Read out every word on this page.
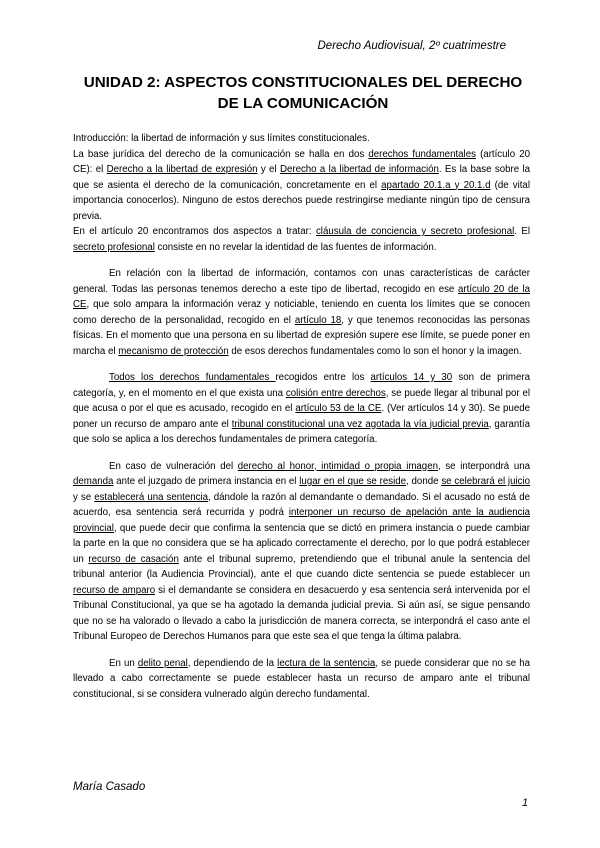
Derecho Audiovisual, 2º cuatrimestre
UNIDAD 2: ASPECTOS CONSTITUCIONALES DEL DERECHO
DE LA COMUNICACIÓN

Introducción: la libertad de información y sus límites constitucionales.

La base jurídica del derecho de la comunicación se halla en dos derechos fundamentales (artículo 20 CE): el Derecho a la libertad de expresión y el Derecho a la libertad de información. Es la base sobre la que se asienta el derecho de la comunicación, concretamente en el apartado 20.1.a y 20.1.d (de vital importancia conocerlos). Ninguno de estos derechos puede restringirse mediante ningún tipo de censura previa.

En el artículo 20 encontramos dos aspectos a tratar: cláusula de conciencia y secreto profesional. El secreto profesional consiste en no revelar la identidad de las fuentes de información.

En relación con la libertad de información, contamos con unas características de carácter general. Todas las personas tenemos derecho a este tipo de libertad, recogido en ese artículo 20 de la CE, que solo ampara la información veraz y noticiable, teniendo en cuenta los límites que se conocen como derecho de la personalidad, recogido en el artículo 18, y que tenemos reconocidas las personas físicas. En el momento que una persona en su libertad de expresión supere ese límite, se puede poner en marcha el mecanismo de protección de esos derechos fundamentales como lo son el honor y la imagen.

Todos los derechos fundamentales recogidos entre los artículos 14 y 30 son de primera categoría, y, en el momento en el que exista una colisión entre derechos, se puede llegar al tribunal por el que acusa o por el que es acusado, recogido en el artículo 53 de la CE. (Ver artículos 14 y 30). Se puede poner un recurso de amparo ante el tribunal constitucional una vez agotada la vía judicial previa, garantía que solo se aplica a los derechos fundamentales de primera categoría.

En caso de vulneración del derecho al honor, intimidad o propia imagen, se interpondrá una demanda ante el juzgado de primera instancia en el lugar en el que se reside, donde se celebrará el juicio y se establecerá una sentencia, dándole la razón al demandante o demandado. Si el acusado no está de acuerdo, esa sentencia será recurrida y podrá interponer un recurso de apelación ante la audiencia provincial, que puede decir que confirma la sentencia que se dictó en primera instancia o puede cambiar la parte en la que no considera que se ha aplicado correctamente el derecho, por lo que podrá establecer un recurso de casación ante el tribunal supremo, pretendiendo que el tribunal anule la sentencia del tribunal anterior (la Audiencia Provincial), ante el que cuando dicte sentencia se puede establecer un recurso de amparo si el demandante se considera en desacuerdo y esa sentencia será intervenida por el Tribunal Constitucional, ya que se ha agotado la demanda judicial previa. Si aún así, se sigue pensando que no se ha valorado o llevado a cabo la jurisdicción de manera correcta, se interpondrá el caso ante el Tribunal Europeo de Derechos Humanos para que este sea el que tenga la última palabra.

En un delito penal, dependiendo de la lectura de la sentencia, se puede considerar que no se ha llevado a cabo correctamente se puede establecer hasta un recurso de amparo ante el tribunal constitucional, si se considera vulnerado algún derecho fundamental.

María Casado
1
